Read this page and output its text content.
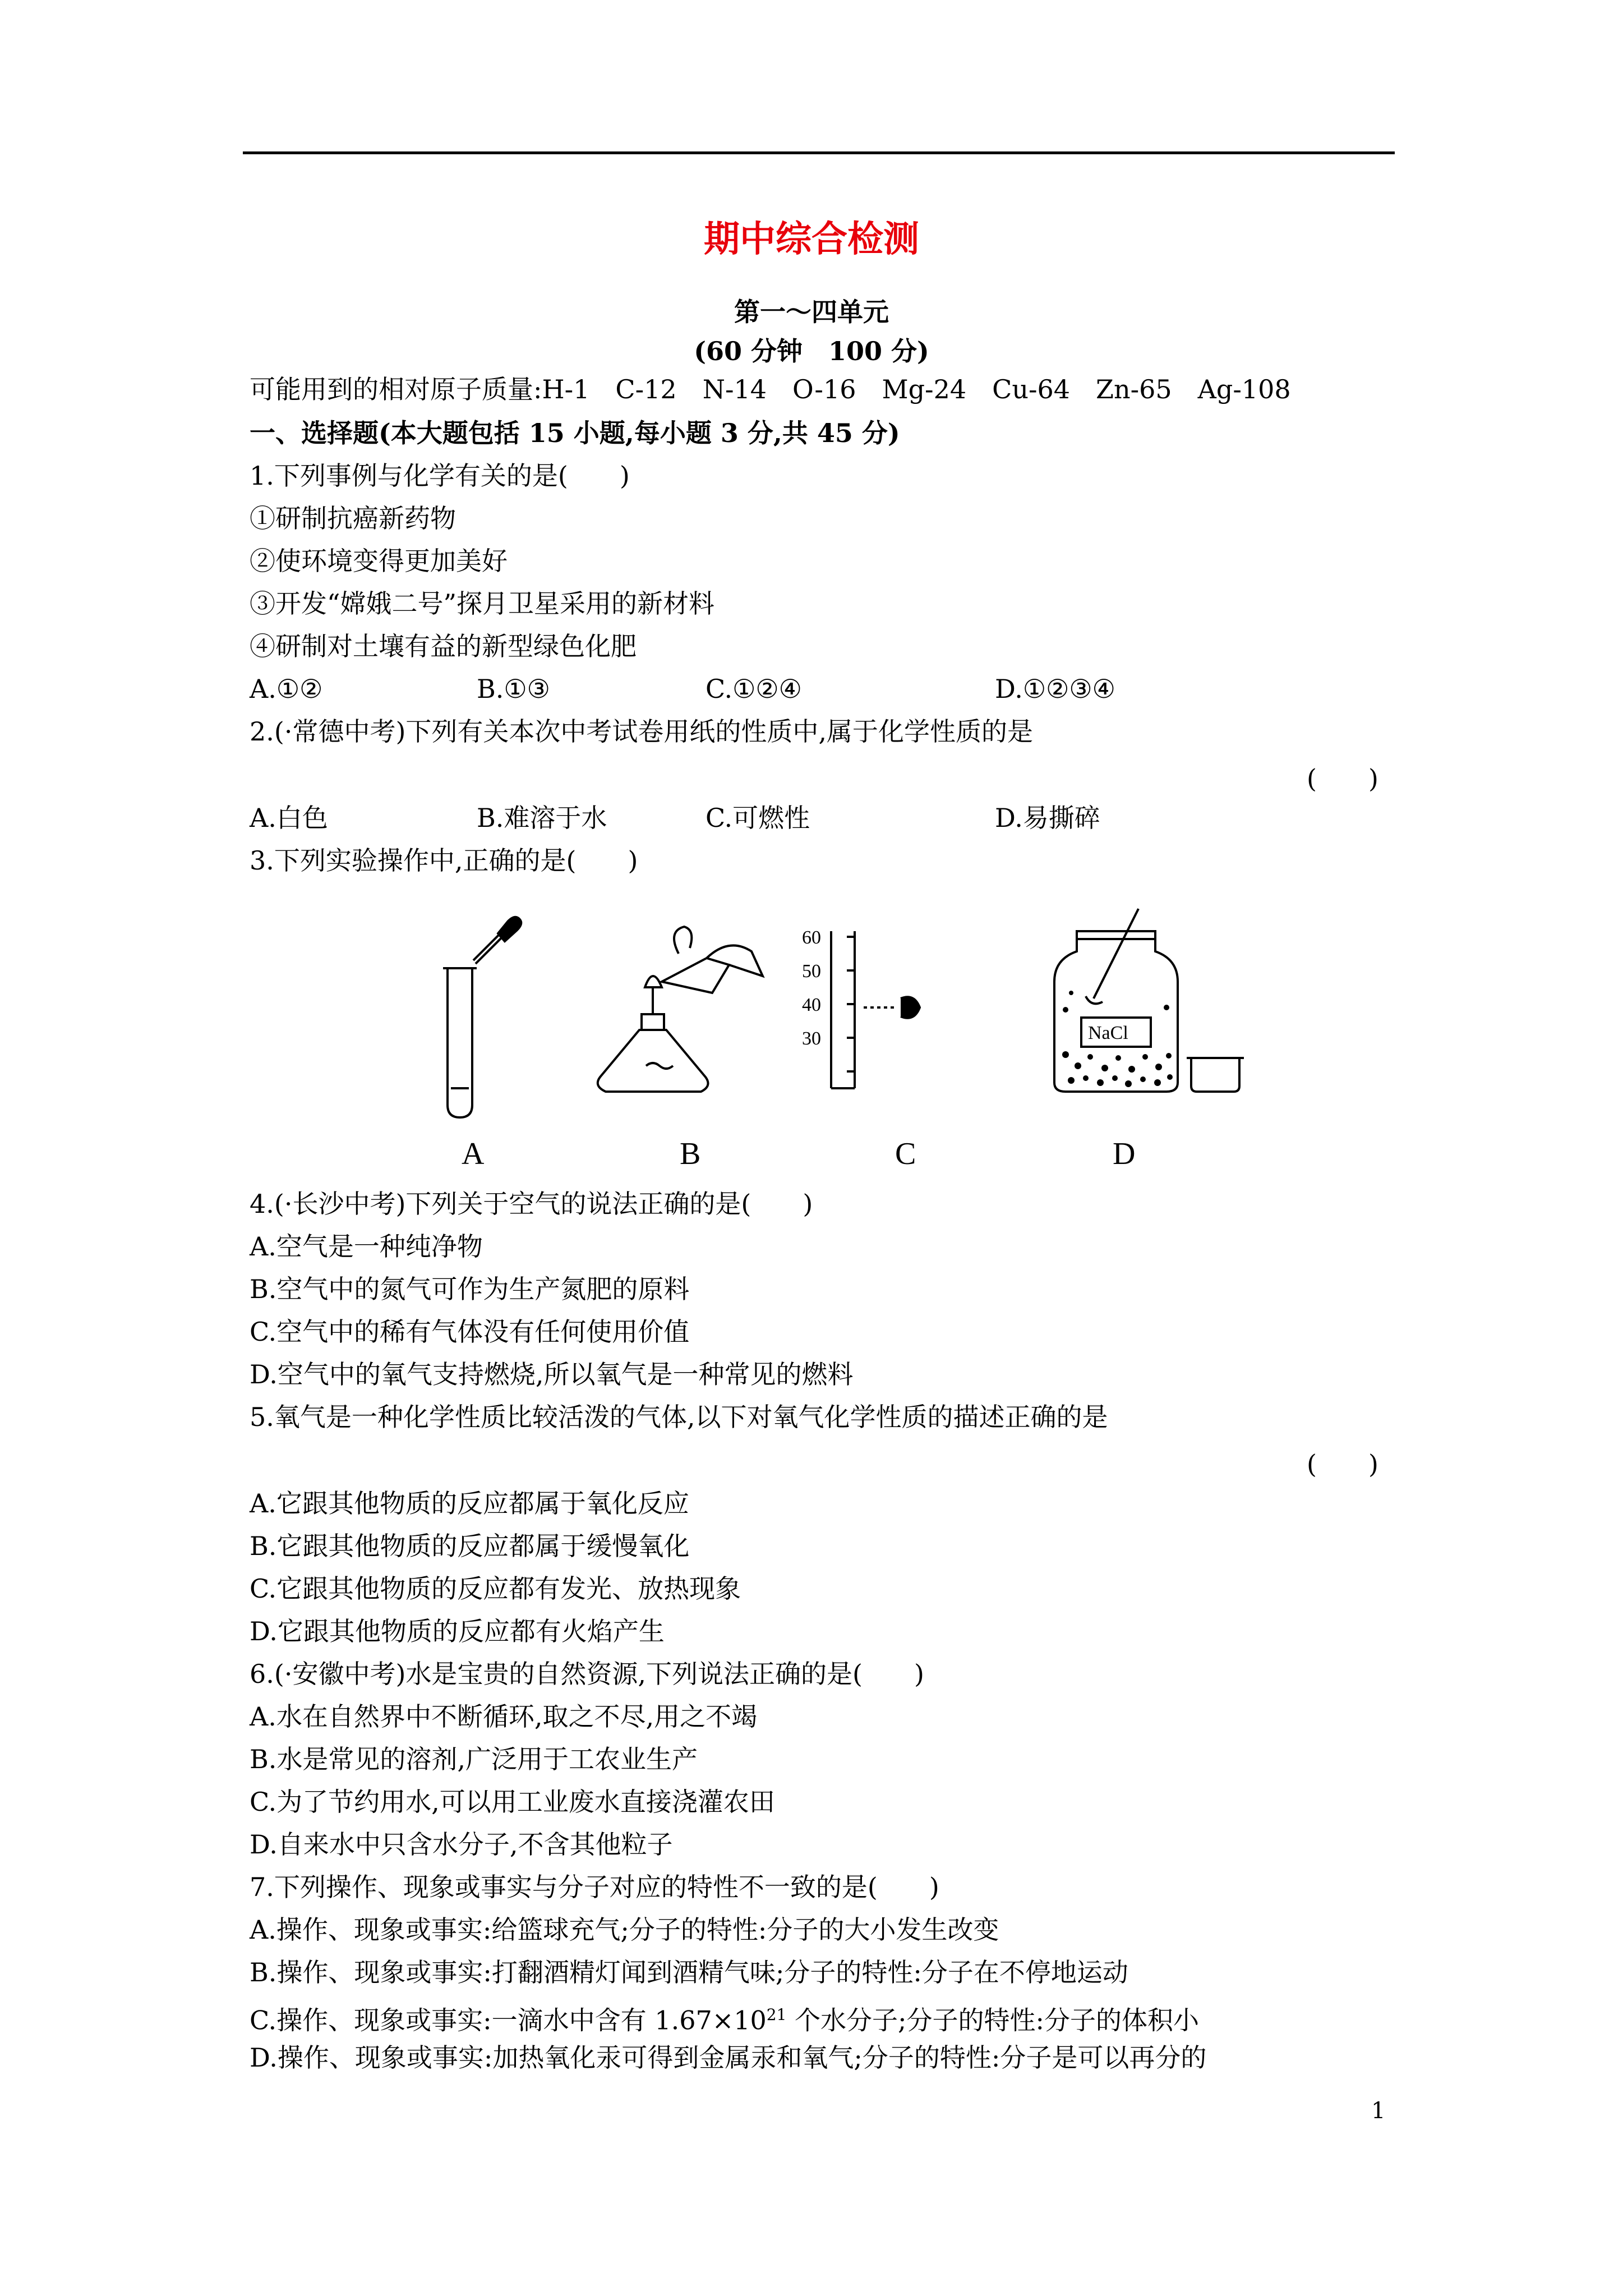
期中综合检测
第一～四单元
(60 分钟　100 分)
可能用到的相对原子质量:H-1　C-12　N-14　O-16　Mg-24　Cu-64　Zn-65　Ag-108
一、选择题(本大题包括 15 小题,每小题 3 分,共 45 分)
1.下列事例与化学有关的是(　　)
①研制抗癌新药物
②使环境变得更加美好
③开发“嫦娥二号”探月卫星采用的新材料
④研制对土壤有益的新型绿色化肥
A.①②	B.①③	C.①②④	D.①②③④
2.(·常德中考)下列有关本次中考试卷用纸的性质中,属于化学性质的是
(　　)
A.白色	B.难溶于水	C.可燃性	D.易撕碎
3.下列实验操作中,正确的是(　　)
60
50
40
30	NaCl
A	B	C	D
4.(·长沙中考)下列关于空气的说法正确的是(　　)
A.空气是一种纯净物
B.空气中的氮气可作为生产氮肥的原料
C.空气中的稀有气体没有任何使用价值
D.空气中的氧气支持燃烧,所以氧气是一种常见的燃料
5.氧气是一种化学性质比较活泼的气体,以下对氧气化学性质的描述正确的是
(　　)
A.它跟其他物质的反应都属于氧化反应
B.它跟其他物质的反应都属于缓慢氧化
C.它跟其他物质的反应都有发光、放热现象
D.它跟其他物质的反应都有火焰产生
6.(·安徽中考)水是宝贵的自然资源,下列说法正确的是(　　)
A.水在自然界中不断循环,取之不尽,用之不竭
B.水是常见的溶剂,广泛用于工农业生产
C.为了节约用水,可以用工业废水直接浇灌农田
D.自来水中只含水分子,不含其他粒子
7.下列操作、现象或事实与分子对应的特性不一致的是(　　)
A.操作、现象或事实:给篮球充气;分子的特性:分子的大小发生改变
B.操作、现象或事实:打翻酒精灯闻到酒精气味;分子的特性:分子在不停地运动
C.操作、现象或事实:一滴水中含有 $1.67\times 10^{21}$ 个水分子;分子的特性:分子的体积小
D.操作、现象或事实:加热氧化汞可得到金属汞和氧气;分子的特性:分子是可以再分的
1
